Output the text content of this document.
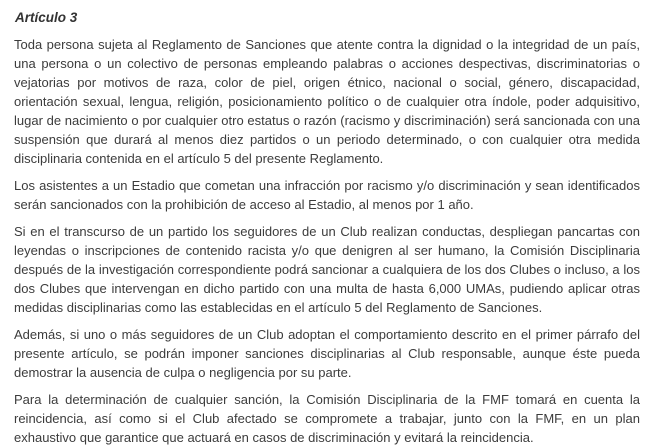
Artículo 3

Toda persona sujeta al Reglamento de Sanciones que atente contra la dignidad o la integridad de un país, una persona o un colectivo de personas empleando palabras o acciones despectivas, discriminatorias o vejatorias por motivos de raza, color de piel, origen étnico, nacional o social, género, discapacidad, orientación sexual, lengua, religión, posicionamiento político o de cualquier otra índole, poder adquisitivo, lugar de nacimiento o por cualquier otro estatus o razón (racismo y discriminación) será sancionada con una suspensión que durará al menos diez partidos o un periodo determinado, o con cualquier otra medida disciplinaria contenida en el artículo 5 del presente Reglamento.

Los asistentes a un Estadio que cometan una infracción por racismo y/o discriminación y sean identificados serán sancionados con la prohibición de acceso al Estadio, al menos por 1 año.

Si en el transcurso de un partido los seguidores de un Club realizan conductas, despliegan pancartas con leyendas o inscripciones de contenido racista y/o que denigren al ser humano, la Comisión Disciplinaria después de la investigación correspondiente podrá sancionar a cualquiera de los dos Clubes o incluso, a los dos Clubes que intervengan en dicho partido con una multa de hasta 6,000 UMAs, pudiendo aplicar otras medidas disciplinarias como las establecidas en el artículo 5 del Reglamento de Sanciones.

Además, si uno o más seguidores de un Club adoptan el comportamiento descrito en el primer párrafo del presente artículo, se podrán imponer sanciones disciplinarias al Club responsable, aunque éste pueda demostrar la ausencia de culpa o negligencia por su parte.

Para la determinación de cualquier sanción, la Comisión Disciplinaria de la FMF tomará en cuenta la reincidencia, así como si el Club afectado se compromete a trabajar, junto con la FMF, en un plan exhaustivo que garantice que actuará en casos de discriminación y evitará la reincidencia.
